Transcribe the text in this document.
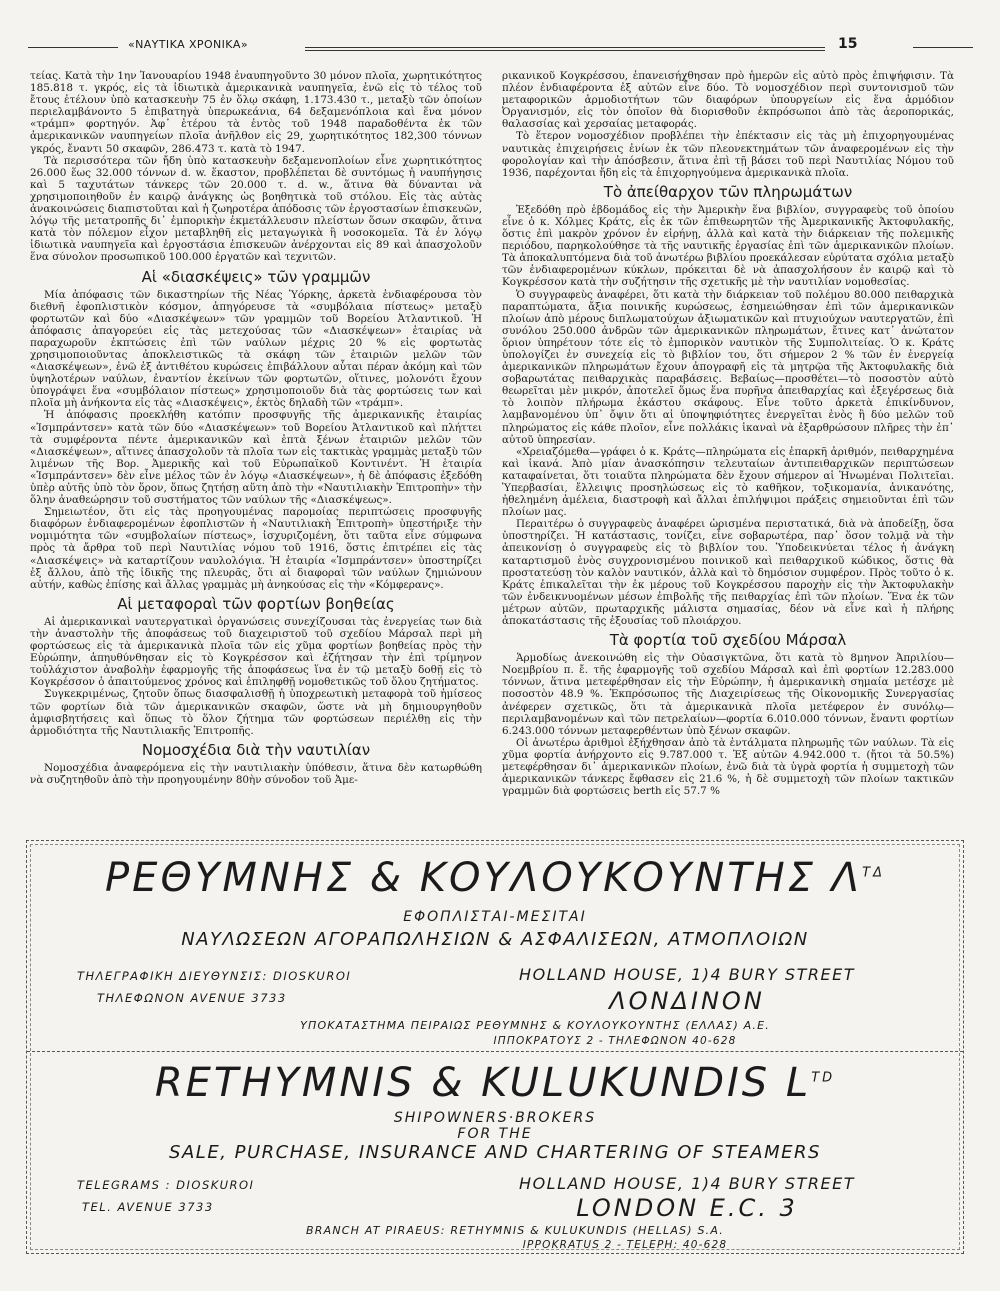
«ΝΑΥΤΙΚΑ ΧΡΟΝΙΚΑ»	15

τείας. Κατὰ τὴν 1ην Ἰανουαρίου 1948 ἐναυπηγοῦντο 30 μόνον πλοῖα, χωρητικότητος 185.818 τ. γκρός, εἰς τὰ ἰδιωτικὰ ἀμερικανικὰ ναυπηγεῖα, ἐνῶ εἰς τὸ τέλος τοῦ ἔτους ἐτέλουν ὑπὸ κατασκευὴν 75 ἐν ὅλῳ σκάφη, 1.173.430 τ., μεταξὺ τῶν ὁποίων περιελαμβάνοντο 5 ἐπιβατηγὰ ὑπερωκεάνια, 64 δεξαμενόπλοια καὶ ἕνα μόνον «τράμπ» φορτηγόν. Ἀφ᾽ ἑτέρου τὰ ἐντὸς τοῦ 1948 παραδοθέντα ἐκ τῶν ἀμερικανικῶν ναυπηγείων πλοῖα ἀνῆλθον εἰς 29, χωρητικότητος 182,300 τόννων γκρός, ἔναντι 50 σκαφῶν, 286.473 τ. κατὰ τὸ 1947.

Τὰ περισσότερα τῶν ἤδη ὑπὸ κατασκευὴν δεξαμενοπλοίων εἶνε χωρητικότητος 26.000 ἕως 32.000 τόννων d. w. ἕκαστον, προβλέπεται δὲ συντόμως ἡ ναυπήγησις καὶ 5 ταχυτάτων τάνκερς τῶν 20.000 τ. d. w., ἅτινα θὰ δύνανται νὰ χρησιμοποιηθοῦν ἐν καιρῷ ἀνάγκης ὡς βοηθητικὰ τοῦ στόλου. Εἰς τὰς αὐτὰς ἀνακοινώσεις διαπιστοῦται καὶ ἡ ζωηροτέρα ἀπόδοσις τῶν ἐργοστασίων ἐπισκευῶν, λόγῳ τῆς μετατροπῆς δι᾽ ἐμπορικὴν ἐκμετάλλευσιν πλείστων ὅσων σκαφῶν, ἅτινα κατὰ τὸν πόλεμον εἶχον μεταβληθῆ εἰς μεταγωγικὰ ἢ νοσοκομεῖα. Τὰ ἐν λόγῳ ἰδιωτικὰ ναυπηγεῖα καὶ ἐργοστάσια ἐπισκευῶν ἀνέρχονται εἰς 89 καὶ ἀπασχολοῦν ἕνα σύνολον προσωπικοῦ 100.000 ἐργατῶν καὶ τεχνιτῶν.

Αἱ «διασκέψεις» τῶν γραμμῶν

Μία ἀπόφασις τῶν δικαστηρίων τῆς Νέας Ὑόρκης, ἀρκετὰ ἐνδιαφέρουσα τὸν διεθνῆ ἐφοπλιστικὸν κόσμον, ἀπηγόρευσε τὰ «συμβόλαια πίστεως» μεταξὺ φορτωτῶν καὶ δύο «Διασκέψεων» τῶν γραμμῶν τοῦ Βορείου Ἀτλαντικοῦ. Ἡ ἀπόφασις ἀπαγορεύει εἰς τὰς μετεχούσας τῶν «Διασκέψεων» ἑταιρίας νὰ παραχωροῦν ἐκπτώσεις ἐπὶ τῶν ναύλων μέχρις 20 % εἰς φορτωτὰς χρησιμοποιοῦντας ἀποκλειστικῶς τὰ σκάφη τῶν ἑταιριῶν μελῶν τῶν «Διασκέψεων», ἐνῶ ἐξ ἀντιθέτου κυρώσεις ἐπιβάλλουν αὗται πέραν ἀκόμη καὶ τῶν ὑψηλοτέρων ναύλων, ἐναντίον ἐκείνων τῶν φορτωτῶν, οἵτινες, μολονότι ἔχουν ὑπογράψει ἕνα «συμβόλαιον πίστεως» χρησιμοποιοῦν διὰ τὰς φορτώσεις των καὶ πλοῖα μὴ ἀνήκοντα εἰς τὰς «Διασκέψεις», ἐκτὸς δηλαδὴ τῶν «τράμπ».

Ἡ ἀπόφασις προεκλήθη κατόπιν προσφυγῆς τῆς ἀμερικανικῆς ἑταιρίας «Ἰσμπράντσεν» κατὰ τῶν δύο «Διασκέψεων» τοῦ Βορείου Ἀτλαντικοῦ καὶ πλήττει τὰ συμφέροντα πέντε ἀμερικανικῶν καὶ ἑπτὰ ξένων ἑταιριῶν μελῶν τῶν «Διασκέψεων», αἵτινες ἀπασχολοῦν τὰ πλοῖα των εἰς τακτικὰς γραμμὰς μεταξὺ τῶν λιμένων τῆς Βορ. Ἀμερικῆς καὶ τοῦ Εὐρωπαϊκοῦ Κοντινέντ. Ἡ ἑταιρία «Ἰσμπράντσεν» δὲν εἶνε μέλος τῶν ἐν λόγῳ «Διασκέψεων», ἡ δὲ ἀπόφασις ἐξεδόθη ὑπὲρ αὐτῆς ὑπὸ τὸν ὅρον, ὅπως ζητήσῃ αὕτη ἀπὸ τὴν «Ναυτιλιακὴν Ἐπιτροπὴν» τὴν ὅλην ἀναθεώρησιν τοῦ συστήματος τῶν ναύλων τῆς «Διασκέψεως».

Σημειωτέον, ὅτι εἰς τὰς προηγουμένας παρομοίας περιπτώσεις προσφυγῆς διαφόρων ἐνδιαφερομένων ἐφοπλιστῶν ἡ «Ναυτιλιακὴ Ἐπιτροπὴ» ὑπεστήριξε τὴν νομιμότητα τῶν «συμβολαίων πίστεως», ἰσχυριζομένη, ὅτι ταῦτα εἶνε σύμφωνα πρὸς τὰ ἄρθρα τοῦ περὶ Ναυτιλίας νόμου τοῦ 1916, ὅστις ἐπιτρέπει εἰς τὰς «Διασκέψεις» νὰ καταρτίζουν ναυλολόγια. Ἡ ἑταιρία «Ἰσμπράντσεν» ὑποστηρίζει ἐξ ἄλλου, ἀπὸ τῆς ἰδικῆς της πλευρᾶς, ὅτι αἱ διαφοραὶ τῶν ναύλων ζημιώνουν αὐτήν, καθὼς ἐπίσης καὶ ἄλλας γραμμὰς μὴ ἀνηκούσας εἰς τὴν «Κόμφερανς».

Αἱ μεταφοραὶ τῶν φορτίων βοηθείας

Αἱ ἀμερικανικαὶ ναυτεργατικαὶ ὀργανώσεις συνεχίζουσαι τὰς ἐνεργείας των διὰ τὴν ἀναστολὴν τῆς ἀποφάσεως τοῦ διαχειριστοῦ τοῦ σχεδίου Μάρσαλ περὶ μὴ φορτώσεως εἰς τὰ ἀμερικανικὰ πλοῖα τῶν εἰς χῦμα φορτίων βοηθείας πρὸς τὴν Εὐρώπην, ἀπηυθύνθησαν εἰς τὸ Κογκρέσσον καὶ ἐζήτησαν τὴν ἐπὶ τρίμηνον τοὐλάχιστον ἀναβολὴν ἐφαρμογῆς τῆς ἀποφάσεως ἵνα ἐν τῷ μεταξὺ δοθῇ εἰς τὸ Κογκρέσσον ὁ ἀπαιτούμενος χρόνος καὶ ἐπιληφθῇ νομοθετικῶς τοῦ ὅλου ζητήματος.

Συγκεκριμένως, ζητοῦν ὅπως διασφαλισθῇ ἡ ὑποχρεωτικὴ μεταφορὰ τοῦ ἡμίσεος τῶν φορτίων διὰ τῶν ἀμερικανικῶν σκαφῶν, ὥστε νὰ μὴ δημιουργηθοῦν ἀμφισβητήσεις καὶ ὅπως τὸ ὅλον ζήτημα τῶν φορτώσεων περιέλθῃ εἰς τὴν ἁρμοδιότητα τῆς Ναυτιλιακῆς Ἐπιτροπῆς.

Νομοσχέδια διὰ τὴν ναυτιλίαν

Νομοσχέδια ἀναφερόμενα εἰς τὴν ναυτιλιακὴν ὑπόθεσιν, ἅτινα δὲν κατωρθώθη νὰ συζητηθοῦν ἀπὸ τὴν προηγουμένην 80ὴν σύνοδον τοῦ Ἀμε-

ρικανικοῦ Κογκρέσσου, ἐπανεισήχθησαν πρὸ ἡμερῶν εἰς αὐτὸ πρὸς ἐπιψήφισιν. Τὰ πλέον ἐνδιαφέροντα ἐξ αὐτῶν εἶνε δύο. Τὸ νομοσχέδιον περὶ συντονισμοῦ τῶν μεταφορικῶν ἁρμοδιοτήτων τῶν διαφόρων ὑπουργείων εἰς ἕνα ἁρμόδιον Ὀργανισμόν, εἰς τὸν ὁποῖον θὰ διορισθοῦν ἐκπρόσωποι ἀπὸ τὰς ἀεροπορικάς, θαλασσίας καὶ χερσαίας μεταφοράς.

Τὸ ἕτερον νομοσχέδιον προβλέπει τὴν ἐπέκτασιν εἰς τὰς μὴ ἐπιχορηγουμένας ναυτικὰς ἐπιχειρήσεις ἐνίων ἐκ τῶν πλεονεκτημάτων τῶν ἀναφερομένων εἰς τὴν φορολογίαν καὶ τὴν ἀπόσβεσιν, ἅτινα ἐπὶ τῇ βάσει τοῦ περὶ Ναυτιλίας Νόμου τοῦ 1936, παρέχονται ἤδη εἰς τὰ ἐπιχορηγούμενα ἀμερικανικὰ πλοῖα.

Τὸ ἀπείθαρχον τῶν πληρωμάτων

Ἐξεδόθη πρὸ ἑβδομάδος εἰς τὴν Ἀμερικὴν ἕνα βιβλίον, συγγραφεὺς τοῦ ὁποίου εἶνε ὁ κ. Χόλμες Κράτς, εἷς ἐκ τῶν ἐπιθεωρητῶν τῆς Ἀμερικανικῆς Ἀκτοφυλακῆς, ὅστις ἐπὶ μακρὸν χρόνον ἐν εἰρήνῃ, ἀλλὰ καὶ κατὰ τὴν διάρκειαν τῆς πολεμικῆς περιόδου, παρηκολούθησε τὰ τῆς ναυτικῆς ἐργασίας ἐπὶ τῶν ἀμερικανικῶν πλοίων. Τὰ ἀποκαλυπτόμενα διὰ τοῦ ἀνωτέρω βιβλίου προεκάλεσαν εὐρύτατα σχόλια μεταξὺ τῶν ἐνδιαφερομένων κύκλων, πρόκειται δὲ νὰ ἀπασχολήσουν ἐν καιρῷ καὶ τὸ Κογκρέσσον κατὰ τὴν συζήτησιν τῆς σχετικῆς μὲ τὴν ναυτιλίαν νομοθεσίας.

Ὁ συγγραφεὺς ἀναφέρει, ὅτι κατὰ τὴν διάρκειαν τοῦ πολέμου 80.000 πειθαρχικὰ παραπτώματα, ἄξια ποινικῆς κυρώσεως, ἐσημειώθησαν ἐπὶ τῶν ἀμερικανικῶν πλοίων ἀπὸ μέρους διπλωματούχων ἀξιωματικῶν καὶ πτυχιούχων ναυτεργατῶν, ἐπὶ συνόλου 250.000 ἀνδρῶν τῶν ἀμερικανικῶν πληρωμάτων, ἔτινες κατ᾽ ἀνώτατον ὅριον ὑπηρέτουν τότε εἰς τὸ ἐμπορικὸν ναυτικὸν τῆς Συμπολιτείας. Ὁ κ. Κράτς ὑπολογίζει ἐν συνεχείᾳ εἰς τὸ βιβλίον του, ὅτι σήμερον 2 % τῶν ἐν ἐνεργείᾳ ἀμερικανικῶν πληρωμάτων ἔχουν ἀπογραφῆ εἰς τὰ μητρῷα τῆς Ἀκτοφυλακῆς διὰ σοβαρωτάτας πειθαρχικὰς παραβάσεις. Βεβαίως—προσθέτει—τὸ ποσοστὸν αὐτὸ θεωρεῖται μὲν μικρόν, ἀποτελεῖ ὅμως ἕνα πυρῆνα ἀπειθαρχίας καὶ ἐξεγέρσεως διὰ τὸ λοιπὸν πλήρωμα ἑκάστου σκάφους. Εἶνε τοῦτο ἀρκετὰ ἐπικίνδυνον, λαμβανομένου ὑπ᾽ ὄψιν ὅτι αἱ ὑποψηφιότητες ἐνεργεῖται ἑνὸς ἢ δύο μελῶν τοῦ πληρώματος εἰς κάθε πλοῖον, εἶνε πολλάκις ἱκαναὶ νὰ ἐξαρθρώσουν πλῆρες τὴν ἐπ᾽ αὐτοῦ ὑπηρεσίαν.

«Χρειαζόμεθα—γράφει ὁ κ. Κράτς—πληρώματα εἰς ἐπαρκῆ ἀριθμόν, πειθαρχημένα καὶ ἱκανά. Ἀπὸ μίαν ἀνασκόπησιν τελευταίων ἀντιπειθαρχικῶν περιπτώσεων καταφαίνεται, ὅτι τοιαῦτα πληρώματα δὲν ἔχουν σήμερον αἱ Ἡνωμέναι Πολιτεῖαι. Ὑπερβασίαι, ἔλλειψις προσηλώσεως εἰς τὸ καθῆκον, τοξικομανία, ἀνικανότης, ἠθελημένη ἀμέλεια, διαστροφὴ καὶ ἄλλαι ἐπιλήψιμοι πράξεις σημειοῦνται ἐπὶ τῶν πλοίων μας.

Περαιτέρω ὁ συγγραφεὺς ἀναφέρει ὡρισμένα περιστατικά, διὰ νὰ ἀποδείξῃ, ὅσα ὑποστηρίζει. Ἡ κατάστασις, τονίζει, εἶνε σοβαρωτέρα, παρ᾽ ὅσον τολμᾷ νὰ τὴν ἀπεικονίσῃ ὁ συγγραφεὺς εἰς τὸ βιβλίον του. Ὑποδεικνύεται τέλος ἡ ἀνάγκη καταρτισμοῦ ἑνὸς συγχρονισμένου ποινικοῦ καὶ πειθαρχικοῦ κώδικος, ὅστις θὰ προστατεύσῃ τὸν καλὸν ναυτικόν, ἀλλὰ καὶ τὸ δημόσιον συμφέρον. Πρὸς τοῦτο ὁ κ. Κράτς ἐπικαλεῖται τὴν ἐκ μέρους τοῦ Κογκρέσσου παροχὴν εἰς τὴν Ἀκτοφυλακὴν τῶν ἐνδεικνυομένων μέσων ἐπιβολῆς τῆς πειθαρχίας ἐπὶ τῶν πλοίων. Ἕνα ἐκ τῶν μέτρων αὐτῶν, πρωταρχικῆς μάλιστα σημασίας, δέον νὰ εἶνε καὶ ἡ πλήρης ἀποκατάστασις τῆς ἐξουσίας τοῦ πλοιάρχου.

Τὰ φορτία τοῦ σχεδίου Μάρσαλ

Ἁρμοδίως ἀνεκοινώθη εἰς τὴν Οὐασιγκτῶνα, ὅτι κατὰ τὸ 8μηνον Ἀπριλίου—Νοεμβρίου π. ἔ. τῆς ἐφαρμογῆς τοῦ σχεδίου Μάρσαλ καὶ ἐπὶ φορτίων 12.283.000 τόννων, ἅτινα μετεφέρθησαν εἰς τὴν Εὐρώπην, ἡ ἀμερικανικὴ σημαία μετέσχε μὲ ποσοστὸν 48.9 %. Ἐκπρόσωπος τῆς Διαχειρίσεως τῆς Οἰκονομικῆς Συνεργασίας ἀνέφερεν σχετικῶς, ὅτι τὰ ἀμερικανικὰ πλοῖα μετέφερον ἐν συνόλῳ—περιλαμβανομένων καὶ τῶν πετρελαίων—φορτία 6.010.000 τόννων, ἔναντι φορτίων 6.243.000 τόννων μεταφερθέντων ὑπὸ ξένων σκαφῶν.

Οἱ ἀνωτέρω ἀριθμοὶ ἐξήχθησαν ἀπὸ τὰ ἐντάλματα πληρωμῆς τῶν ναύλων. Τὰ εἰς χῦμα φορτία ἀνήρχοντο εἰς 9.787.000 τ. Ἐξ αὐτῶν 4.942.000 τ. (ἤτοι τὰ 50.5%) μετεφέρθησαν δι᾽ ἀμερικανικῶν πλοίων, ἐνῶ διὰ τὰ ὑγρὰ φορτία ἡ συμμετοχὴ τῶν ἀμερικανικῶν τάνκερς ἔφθασεν εἰς 21.6 %, ἡ δὲ συμμετοχὴ τῶν πλοίων τακτικῶν γραμμῶν διὰ φορτώσεις berth εἰς 57.7 %

ΡΕΘΥΜΝΗΣ & ΚΟΥΛΟΥΚΟΥΝΤΗΣ $\Lambda^{T\Delta}$
ΕΦΟΠΛΙΣΤΑΙ-ΜΕΣΙΤΑΙ
ΝΑΥΛΩΣΕΩΝ ΑΓΟΡΑΠΩΛΗΣΙΩΝ & ΑΣΦΑΛΙΣΕΩΝ, ΑΤΜΟΠΛΟΙΩΝ
ΤΗΛΕΓΡΑΦΙΚΗ ΔΙΕΥΘΥΝΣΙΣ: DIOSKUROI
ΤΗΛΕΦΩΝΟΝ AVENUE 3733
HOLLAND HOUSE, 1)4 BURY STREET
ΛΟΝΔΙΝΟΝ
ΥΠΟΚΑΤΑΣΤΗΜΑ ΠΕΙΡΑΙΩΣ ΡΕΘΥΜΝΗΣ & ΚΟΥΛΟΥΚΟΥΝΤΗΣ (ΕΛΛΑΣ) Α.Ε.
ΙΠΠΟΚΡΑΤΟΥΣ 2 - ΤΗΛΕΦΩΝΟΝ 40-628
RETHYMNIS & KULUKUNDIS $L^{TD}$
SHIPOWNERS·BROKERS
FOR THE
SALE, PURCHASE, INSURANCE AND CHARTERING OF STEAMERS
TELEGRAMS : DIOSKUROI
TEL. AVENUE 3733
HOLLAND HOUSE, 1)4 BURY STREET
LONDON E.C. 3
BRANCH AT PIRAEUS: RETHYMNIS & KULUKUNDIS (HELLAS) S.A.
IPPOKRATUS 2 - TELEPH: 40-628
